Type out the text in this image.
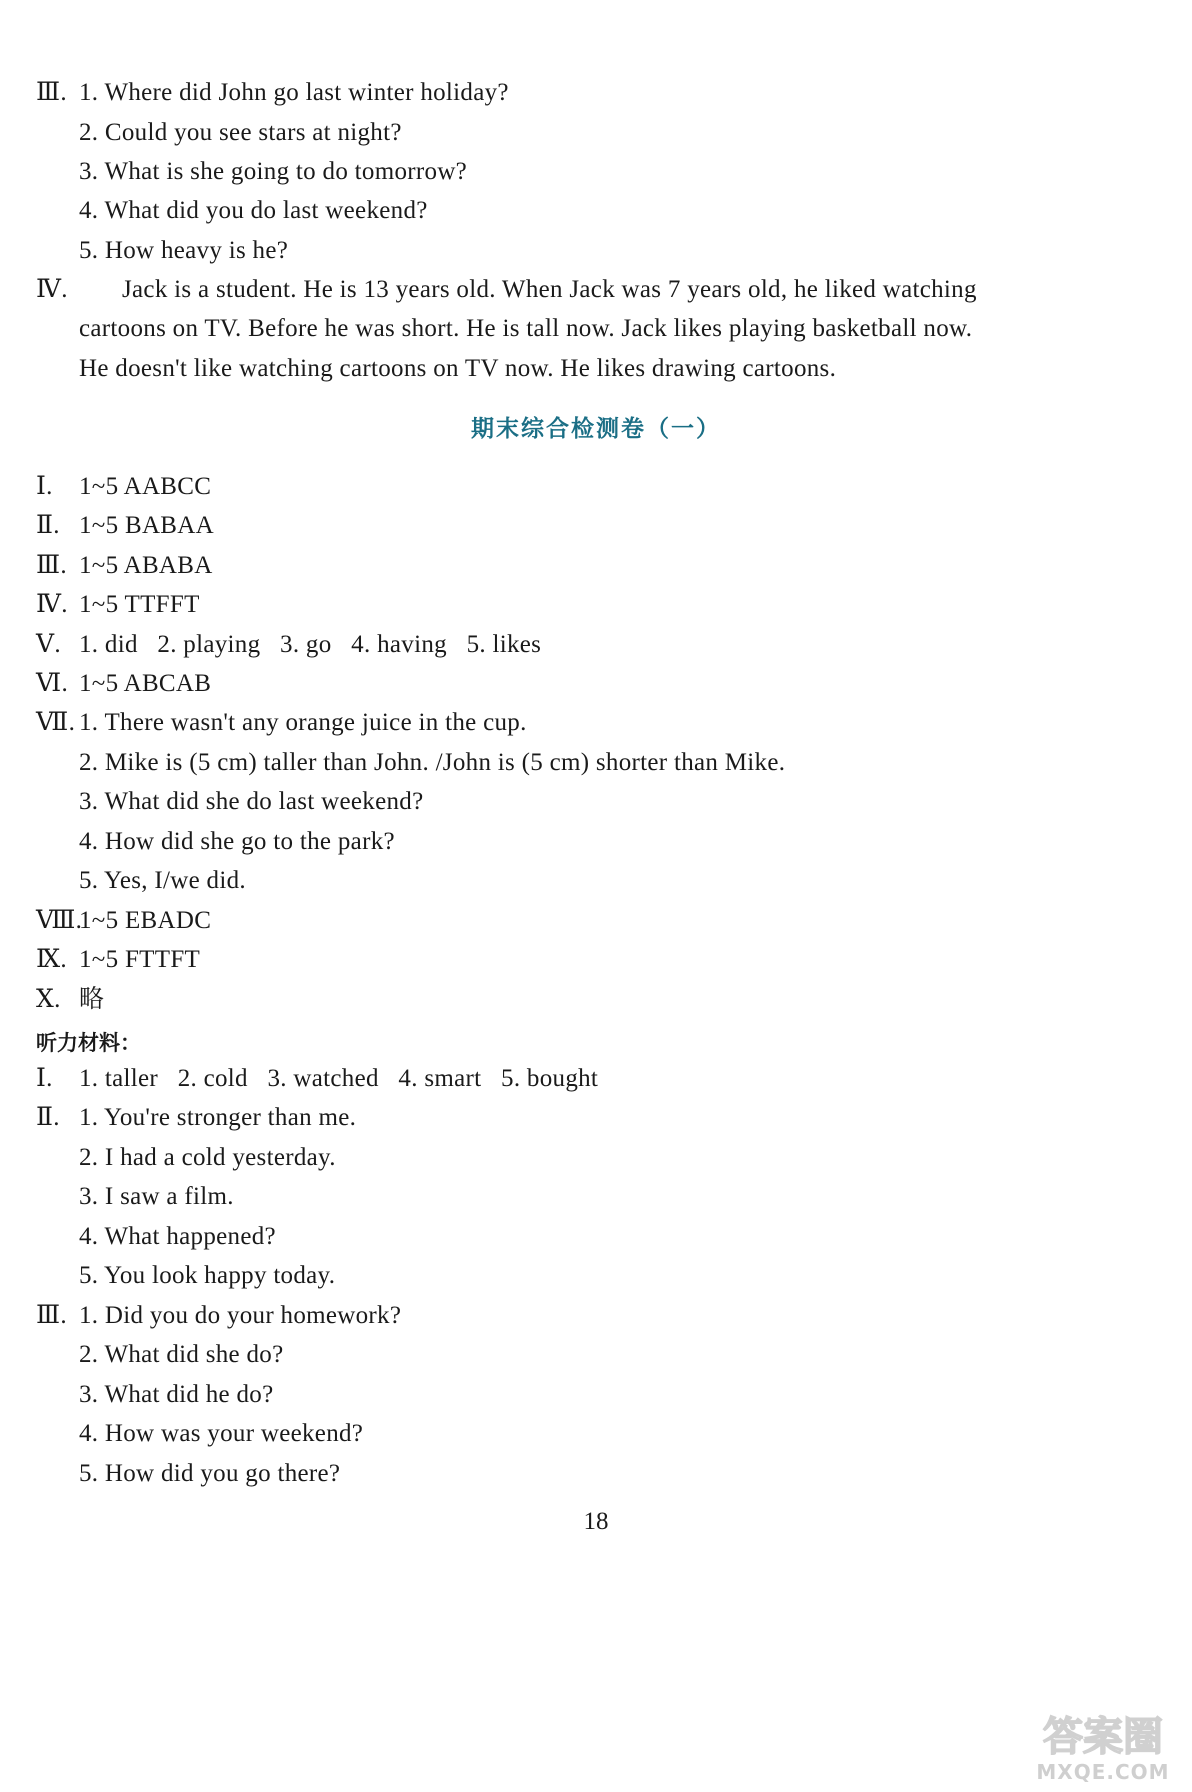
Ⅲ. 1. Where did John go last winter holiday?
2. Could you see stars at night?
3. What is she going to do tomorrow?
4. What did you do last weekend?
5. How heavy is he?
Ⅳ. Jack is a student. He is 13 years old. When Jack was 7 years old, he liked watching
cartoons on TV. Before he was short. He is tall now. Jack likes playing basketball now.
He doesn't like watching cartoons on TV now. He likes drawing cartoons.
期末综合检测卷（一）
Ⅰ. 1~5 AABCC
Ⅱ. 1~5 BABAA
Ⅲ. 1~5 ABABA
Ⅳ. 1~5 TTFFT
Ⅴ. 1. did   2. playing   3. go   4. having   5. likes
Ⅵ. 1~5 ABCAB
Ⅶ. 1. There wasn't any orange juice in the cup.
2. Mike is (5 cm) taller than John. /John is (5 cm) shorter than Mike.
3. What did she do last weekend?
4. How did she go to the park?
5. Yes, I/we did.
Ⅷ.
1~5 EBADC
Ⅸ. 1~5 FTTFT
Ⅹ. 略
听力材料：
Ⅰ. 1. taller   2. cold   3. watched   4. smart   5. bought
Ⅱ. 1. You're stronger than me.
2. I had a cold yesterday.
3. I saw a film.
4. What happened?
5. You look happy today.
Ⅲ. 1. Did you do your homework?
2. What did she do?
3. What did he do?
4. How was your weekend?
5. How did you go there?
18
答案圈
MXQE.COM
